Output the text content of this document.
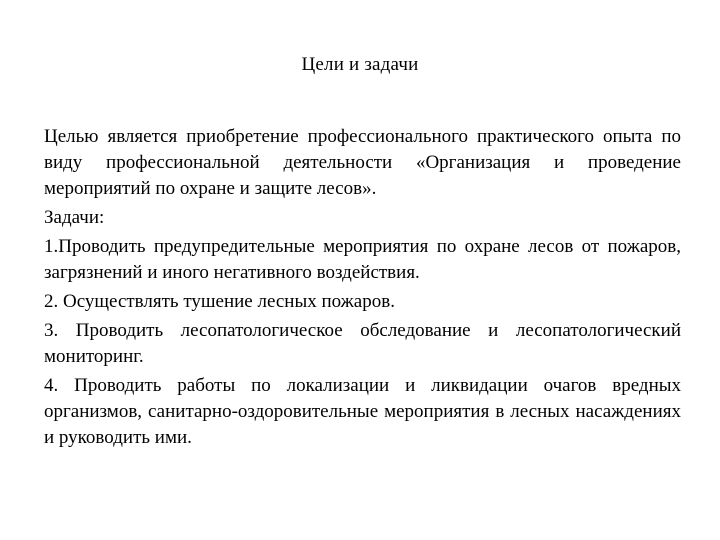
Цели и задачи

Целью является приобретение профессионального практического опыта по виду профессиональной деятельности «Организация и проведение мероприятий по охране и защите лесов».

Задачи:

1.Проводить предупредительные мероприятия по охране лесов от пожаров, загрязнений и иного негативного воздействия.

2. Осуществлять тушение лесных пожаров.

3. Проводить лесопатологическое обследование и лесопатологический мониторинг.

4. Проводить работы по локализации и ликвидации очагов вредных организмов, санитарно-оздоровительные мероприятия в лесных насаждениях и руководить ими.
